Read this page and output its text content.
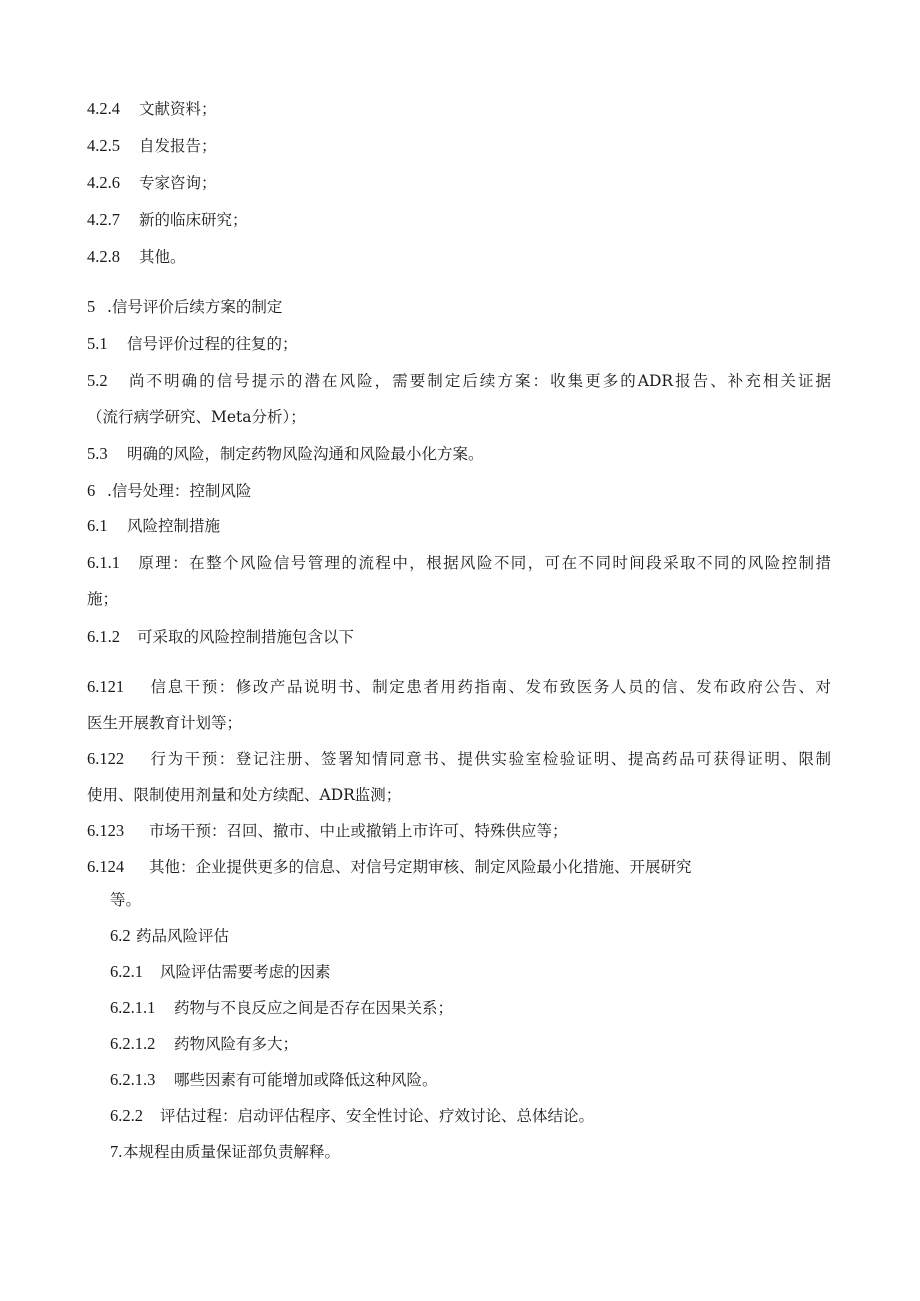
4.2.4 文献资料；
4.2.5 自发报告；
4.2.6 专家咨询；
4.2.7 新的临床研究；
4.2.8 其他。
5 .信号评价后续方案的制定
5.1 信号评价过程的往复的；
5.2 尚不明确的信号提示的潜在风险，需要制定后续方案：收集更多的ADR报告、补充相关证据
（流行病学研究、Meta分析）；
5.3 明确的风险，制定药物风险沟通和风险最小化方案。
6 .信号处理：控制风险
6.1 风险控制措施
6.1.1 原理：在整个风险信号管理的流程中，根据风险不同，可在不同时间段采取不同的风险控制措
施；
6.1.2 可采取的风险控制措施包含以下
6.121 信息干预：修改产品说明书、制定患者用药指南、发布致医务人员的信、发布政府公告、对
医生开展教育计划等；
6.122 行为干预：登记注册、签署知情同意书、提供实验室检验证明、提高药品可获得证明、限制
使用、限制使用剂量和处方续配、ADR监测；
6.123 市场干预：召回、撤市、中止或撤销上市许可、特殊供应等；
6.124 其他：企业提供更多的信息、对信号定期审核、制定风险最小化措施、开展研究
等。
6.2 药品风险评估
6.2.1 风险评估需要考虑的因素
6.2.1.1 药物与不良反应之间是否存在因果关系；
6.2.1.2 药物风险有多大；
6.2.1.3 哪些因素有可能增加或降低这种风险。
6.2.2 评估过程：启动评估程序、安全性讨论、疗效讨论、总体结论。
7.本规程由质量保证部负责解释。
